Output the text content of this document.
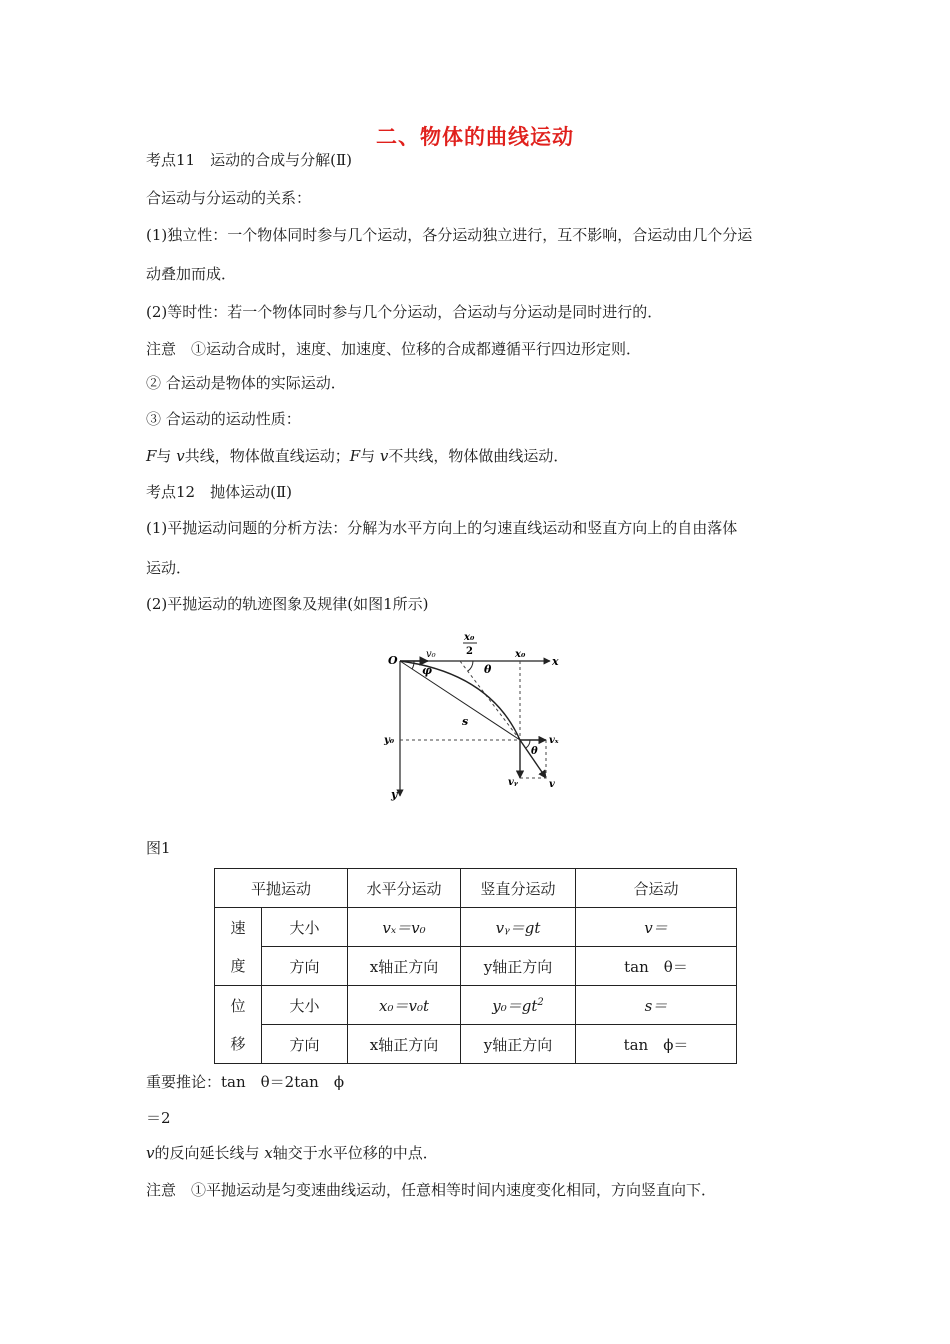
二、物体的曲线运动
考点11　运动的合成与分解(Ⅱ)
合运动与分运动的关系：
(1)独立性：一个物体同时参与几个运动，各分运动独立进行，互不影响，合运动由几个分运
动叠加而成．
(2)等时性：若一个物体同时参与几个分运动，合运动与分运动是同时进行的．
注意　①运动合成时，速度、加速度、位移的合成都遵循平行四边形定则．
② 合运动是物体的实际运动．
③ 合运动的运动性质：
F与 v共线，物体做直线运动；F与 v不共线，物体做曲线运动．
考点12　抛体运动(Ⅱ)
(1)平抛运动问题的分析方法：分解为水平方向上的匀速直线运动和竖直方向上的自由落体
运动．
(2)平抛运动的轨迹图象及规律(如图1所示)
O	v₀
φ
x₀
2	x₀
x
θ
s
y₀	vₓ
θ
vᵧ	v
y
图1
平抛运动		水平分运动	竖直分运动	合运动
速	大小	vₓ＝v₀	vᵧ＝gt	v＝
度	方向	x轴正方向	y轴正方向	tan　θ＝
位	大小	x₀＝v₀t	$y_0=gt^2$	s＝
移	方向	x轴正方向	y轴正方向	tan　ϕ＝
重要推论：tan　θ＝2tan　ϕ
＝2
v的反向延长线与 x轴交于水平位移的中点．
注意　①平抛运动是匀变速曲线运动，任意相等时间内速度变化相同，方向竖直向下．
